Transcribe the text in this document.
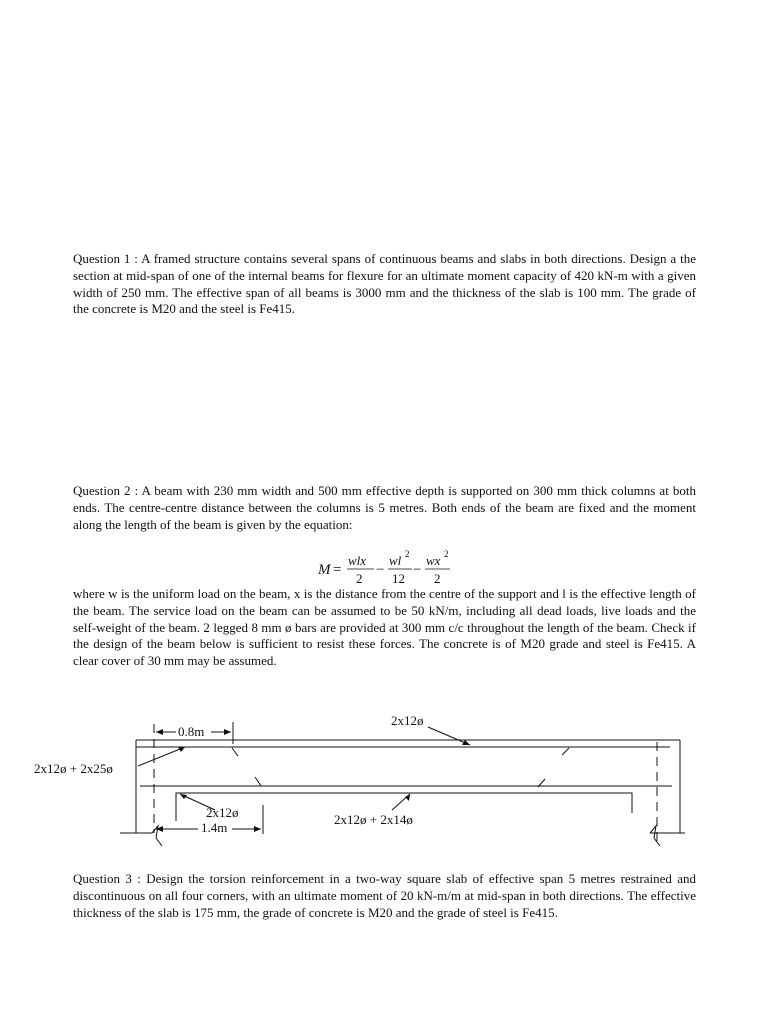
Question 1 : A framed structure contains several spans of continuous beams and slabs in both directions. Design a the section at mid-span of one of the internal beams for flexure for an ultimate moment capacity of 420 kN-m with a given width of 250 mm. The effective span of all beams is 3000 mm and the thickness of the slab is 100 mm. The grade of the concrete is M20 and the steel is Fe415.

Question 2 : A beam with 230 mm width and 500 mm effective depth is supported on 300 mm thick columns at both ends. The centre-centre distance between the columns is 5 metres. Both ends of the beam are fixed and the moment along the length of the beam is given by the equation:

M =
wlx
2
−
wl 2
12
−
wx 2
2

where w is the uniform load on the beam, x is the distance from the centre of the support and l is the effective length of the beam. The service load on the beam can be assumed to be 50 kN/m, including all dead loads, live loads and the self-weight of the beam. 2 legged 8 mm ø bars are provided at 300 mm c/c throughout the length of the beam. Check if the design of the beam below is sufficient to resist these forces. The concrete is of M20 grade and steel is Fe415. A clear cover of 30 mm may be assumed.

0.8m
2x12ø
2x12ø + 2x25ø
2x12ø
1.4m
2x12ø + 2x14ø

Question 3 : Design the torsion reinforcement in a two-way square slab of effective span 5 metres restrained and discontinuous on all four corners, with an ultimate moment of 20 kN-m/m at mid-span in both directions. The effective thickness of the slab is 175 mm, the grade of concrete is M20 and the grade of steel is Fe415.
